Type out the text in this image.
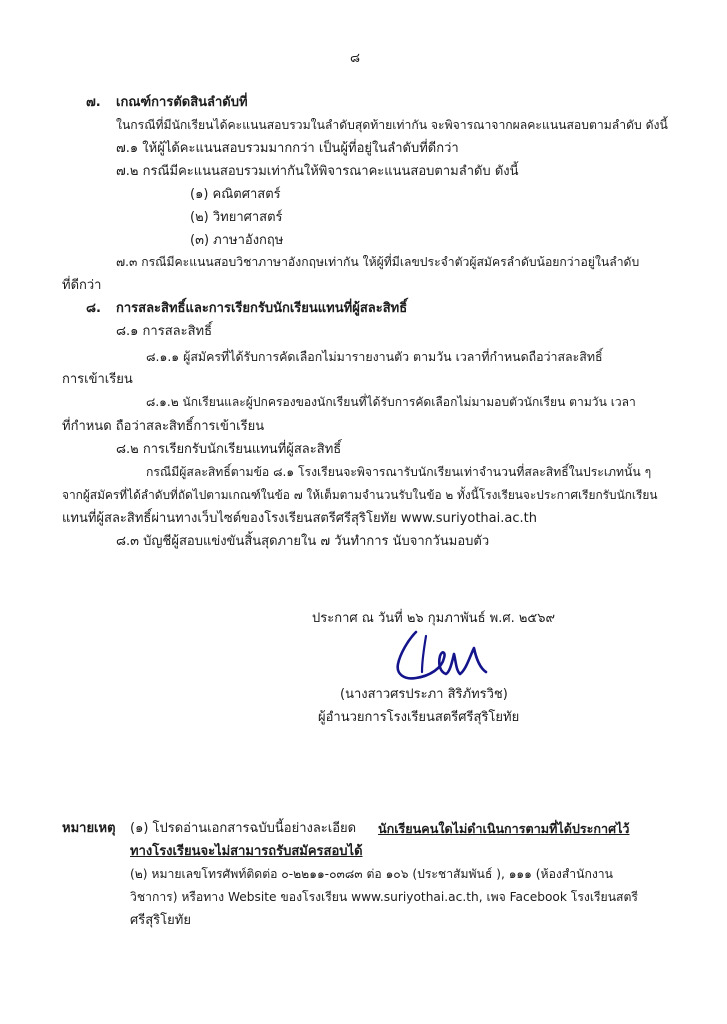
๘
๗. เกณฑ์การตัดสินลำดับที่
ในกรณีที่มีนักเรียนได้คะแนนสอบรวมในลำดับสุดท้ายเท่ากัน จะพิจารณาจากผลคะแนนสอบตามลำดับ ดังนี้
๗.๑ ให้ผู้ได้คะแนนสอบรวมมากกว่า เป็นผู้ที่อยู่ในลำดับที่ดีกว่า
๗.๒ กรณีมีคะแนนสอบรวมเท่ากันให้พิจารณาคะแนนสอบตามลำดับ ดังนี้
(๑) คณิตศาสตร์
(๒) วิทยาศาสตร์
(๓) ภาษาอังกฤษ
๗.๓ กรณีมีคะแนนสอบวิชาภาษาอังกฤษเท่ากัน ให้ผู้ที่มีเลขประจำตัวผู้สมัครลำดับน้อยกว่าอยู่ในลำดับ
ที่ดีกว่า
๘. การสละสิทธิ์และการเรียกรับนักเรียนแทนที่ผู้สละสิทธิ์
๘.๑ การสละสิทธิ์
๘.๑.๑ ผู้สมัครที่ได้รับการคัดเลือกไม่มารายงานตัว ตามวัน เวลาที่กำหนดถือว่าสละสิทธิ์
การเข้าเรียน
๘.๑.๒ นักเรียนและผู้ปกครองของนักเรียนที่ได้รับการคัดเลือกไม่มามอบตัวนักเรียน ตามวัน เวลา
ที่กำหนด ถือว่าสละสิทธิ์การเข้าเรียน
๘.๒ การเรียกรับนักเรียนแทนที่ผู้สละสิทธิ์
กรณีมีผู้สละสิทธิ์ตามข้อ ๘.๑ โรงเรียนจะพิจารณารับนักเรียนเท่าจำนวนที่สละสิทธิ์ในประเภทนั้น ๆ
จากผู้สมัครที่ได้ลำดับที่ถัดไปตามเกณฑ์ในข้อ ๗ ให้เต็มตามจำนวนรับในข้อ ๒ ทั้งนี้โรงเรียนจะประกาศเรียกรับนักเรียน
แทนที่ผู้สละสิทธิ์ผ่านทางเว็บไซต์ของโรงเรียนสตรีศรีสุริโยทัย www.suriyothai.ac.th
๘.๓ บัญชีผู้สอบแข่งขันสิ้นสุดภายใน ๗ วันทำการ นับจากวันมอบตัว
ประกาศ ณ วันที่ ๒๖ กุมภาพันธ์ พ.ศ. ๒๕๖๙
(นางสาวศรประภา สิริภัทรวิช)
ผู้อำนวยการโรงเรียนสตรีศรีสุริโยทัย
หมายเหตุ (๑) โปรดอ่านเอกสารฉบับนี้อย่างละเอียด นักเรียนคนใดไม่ดำเนินการตามที่ได้ประกาศไว้
ทางโรงเรียนจะไม่สามารถรับสมัครสอบได้
(๒) หมายเลขโทรศัพท์ติดต่อ ๐-๒๒๑๑-๐๓๘๓ ต่อ ๑๐๖ (ประชาสัมพันธ์ ), ๑๑๑ (ห้องสำนักงาน
วิชาการ) หรือทาง Website ของโรงเรียน www.suriyothai.ac.th, เพจ Facebook โรงเรียนสตรี
ศรีสุริโยทัย
